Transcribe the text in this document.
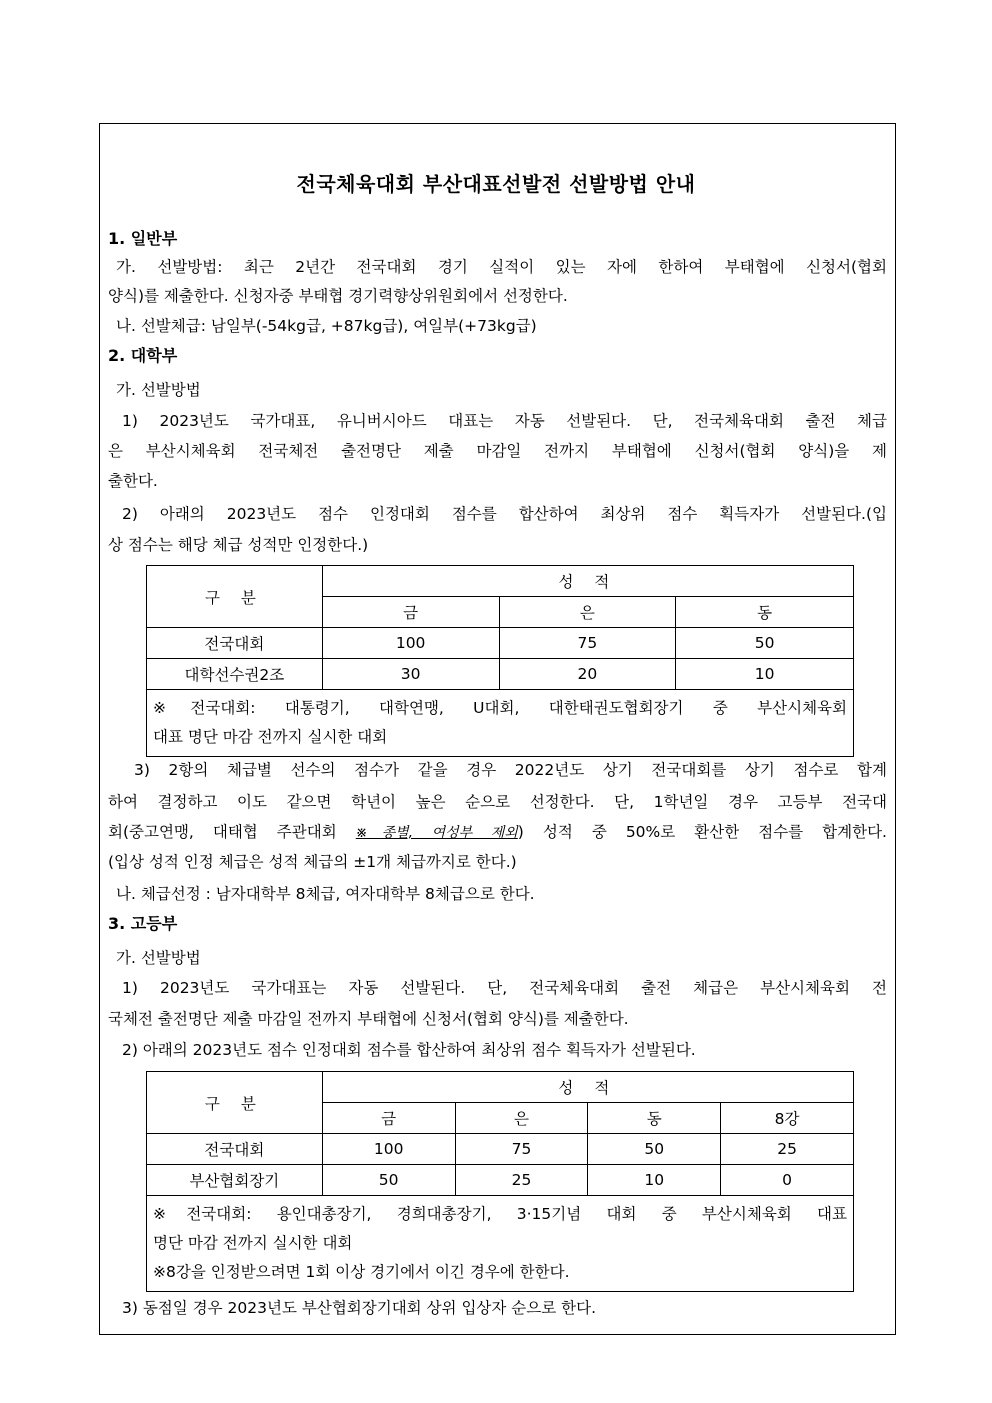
전국체육대회 부산대표선발전 선발방법 안내
1. 일반부
가. 선발방법: 최근 2년간 전국대회 경기 실적이 있는 자에 한하여 부태협에 신청서(협회
양식)를 제출한다. 신청자중 부태협 경기력향상위원회에서 선정한다.
나. 선발체급: 남일부(-54kg급, +87kg급), 여일부(+73kg급)
2. 대학부
가. 선발방법
1) 2023년도 국가대표, 유니버시아드 대표는 자동 선발된다. 단, 전국체육대회 출전 체급
은 부산시체육회 전국체전 출전명단 제출 마감일 전까지 부태협에 신청서(협회 양식)을 제
출한다.
2) 아래의 2023년도 점수 인정대회 점수를 합산하여 최상위 점수 획득자가 선발된다.(입
상 점수는 해당 체급 성적만 인정한다.)
구 분	성 적		
	금	은	동
전국대회	100	75	50
대학선수권2조	30	20	10

※전국대회: 대통령기, 대학연맹, U대회, 대한태권도협회장기 중 부산시체육회
대표 명단 마감 전까지 실시한 대회			
3) 2항의 체급별 선수의 점수가 같을 경우 2022년도 상기 전국대회를 상기 점수로 합계
하여 결정하고 이도 같으면 학년이 높은 순으로 선정한다. 단, 1학년일 경우 고등부 전국대
회(중고연맹, 대태협 주관대회 ※종별, 여성부 제외) 성적 중 50%로 환산한 점수를 합계한다.
(입상 성적 인정 체급은 성적 체급의 ±1개 체급까지로 한다.)
나. 체급선정 : 남자대학부 8체급, 여자대학부 8체급으로 한다.
3. 고등부
가. 선발방법
1) 2023년도 국가대표는 자동 선발된다. 단, 전국체육대회 출전 체급은 부산시체육회 전
국체전 출전명단 제출 마감일 전까지 부태협에 신청서(협회 양식)를 제출한다.
2) 아래의 2023년도 점수 인정대회 점수를 합산하여 최상위 점수 획득자가 선발된다.
구 분	성 적			
	금	은	동	8강
전국대회	100	75	50	25
부산협회장기	50	25	10	0

※전국대회: 용인대총장기, 경희대총장기, 3·15기념 대회 중 부산시체육회 대표
명단 마감 전까지 실시한 대회
※8강을 인정받으려면 1회 이상 경기에서 이긴 경우에 한한다.				
3) 동점일 경우 2023년도 부산협회장기대회 상위 입상자 순으로 한다.
